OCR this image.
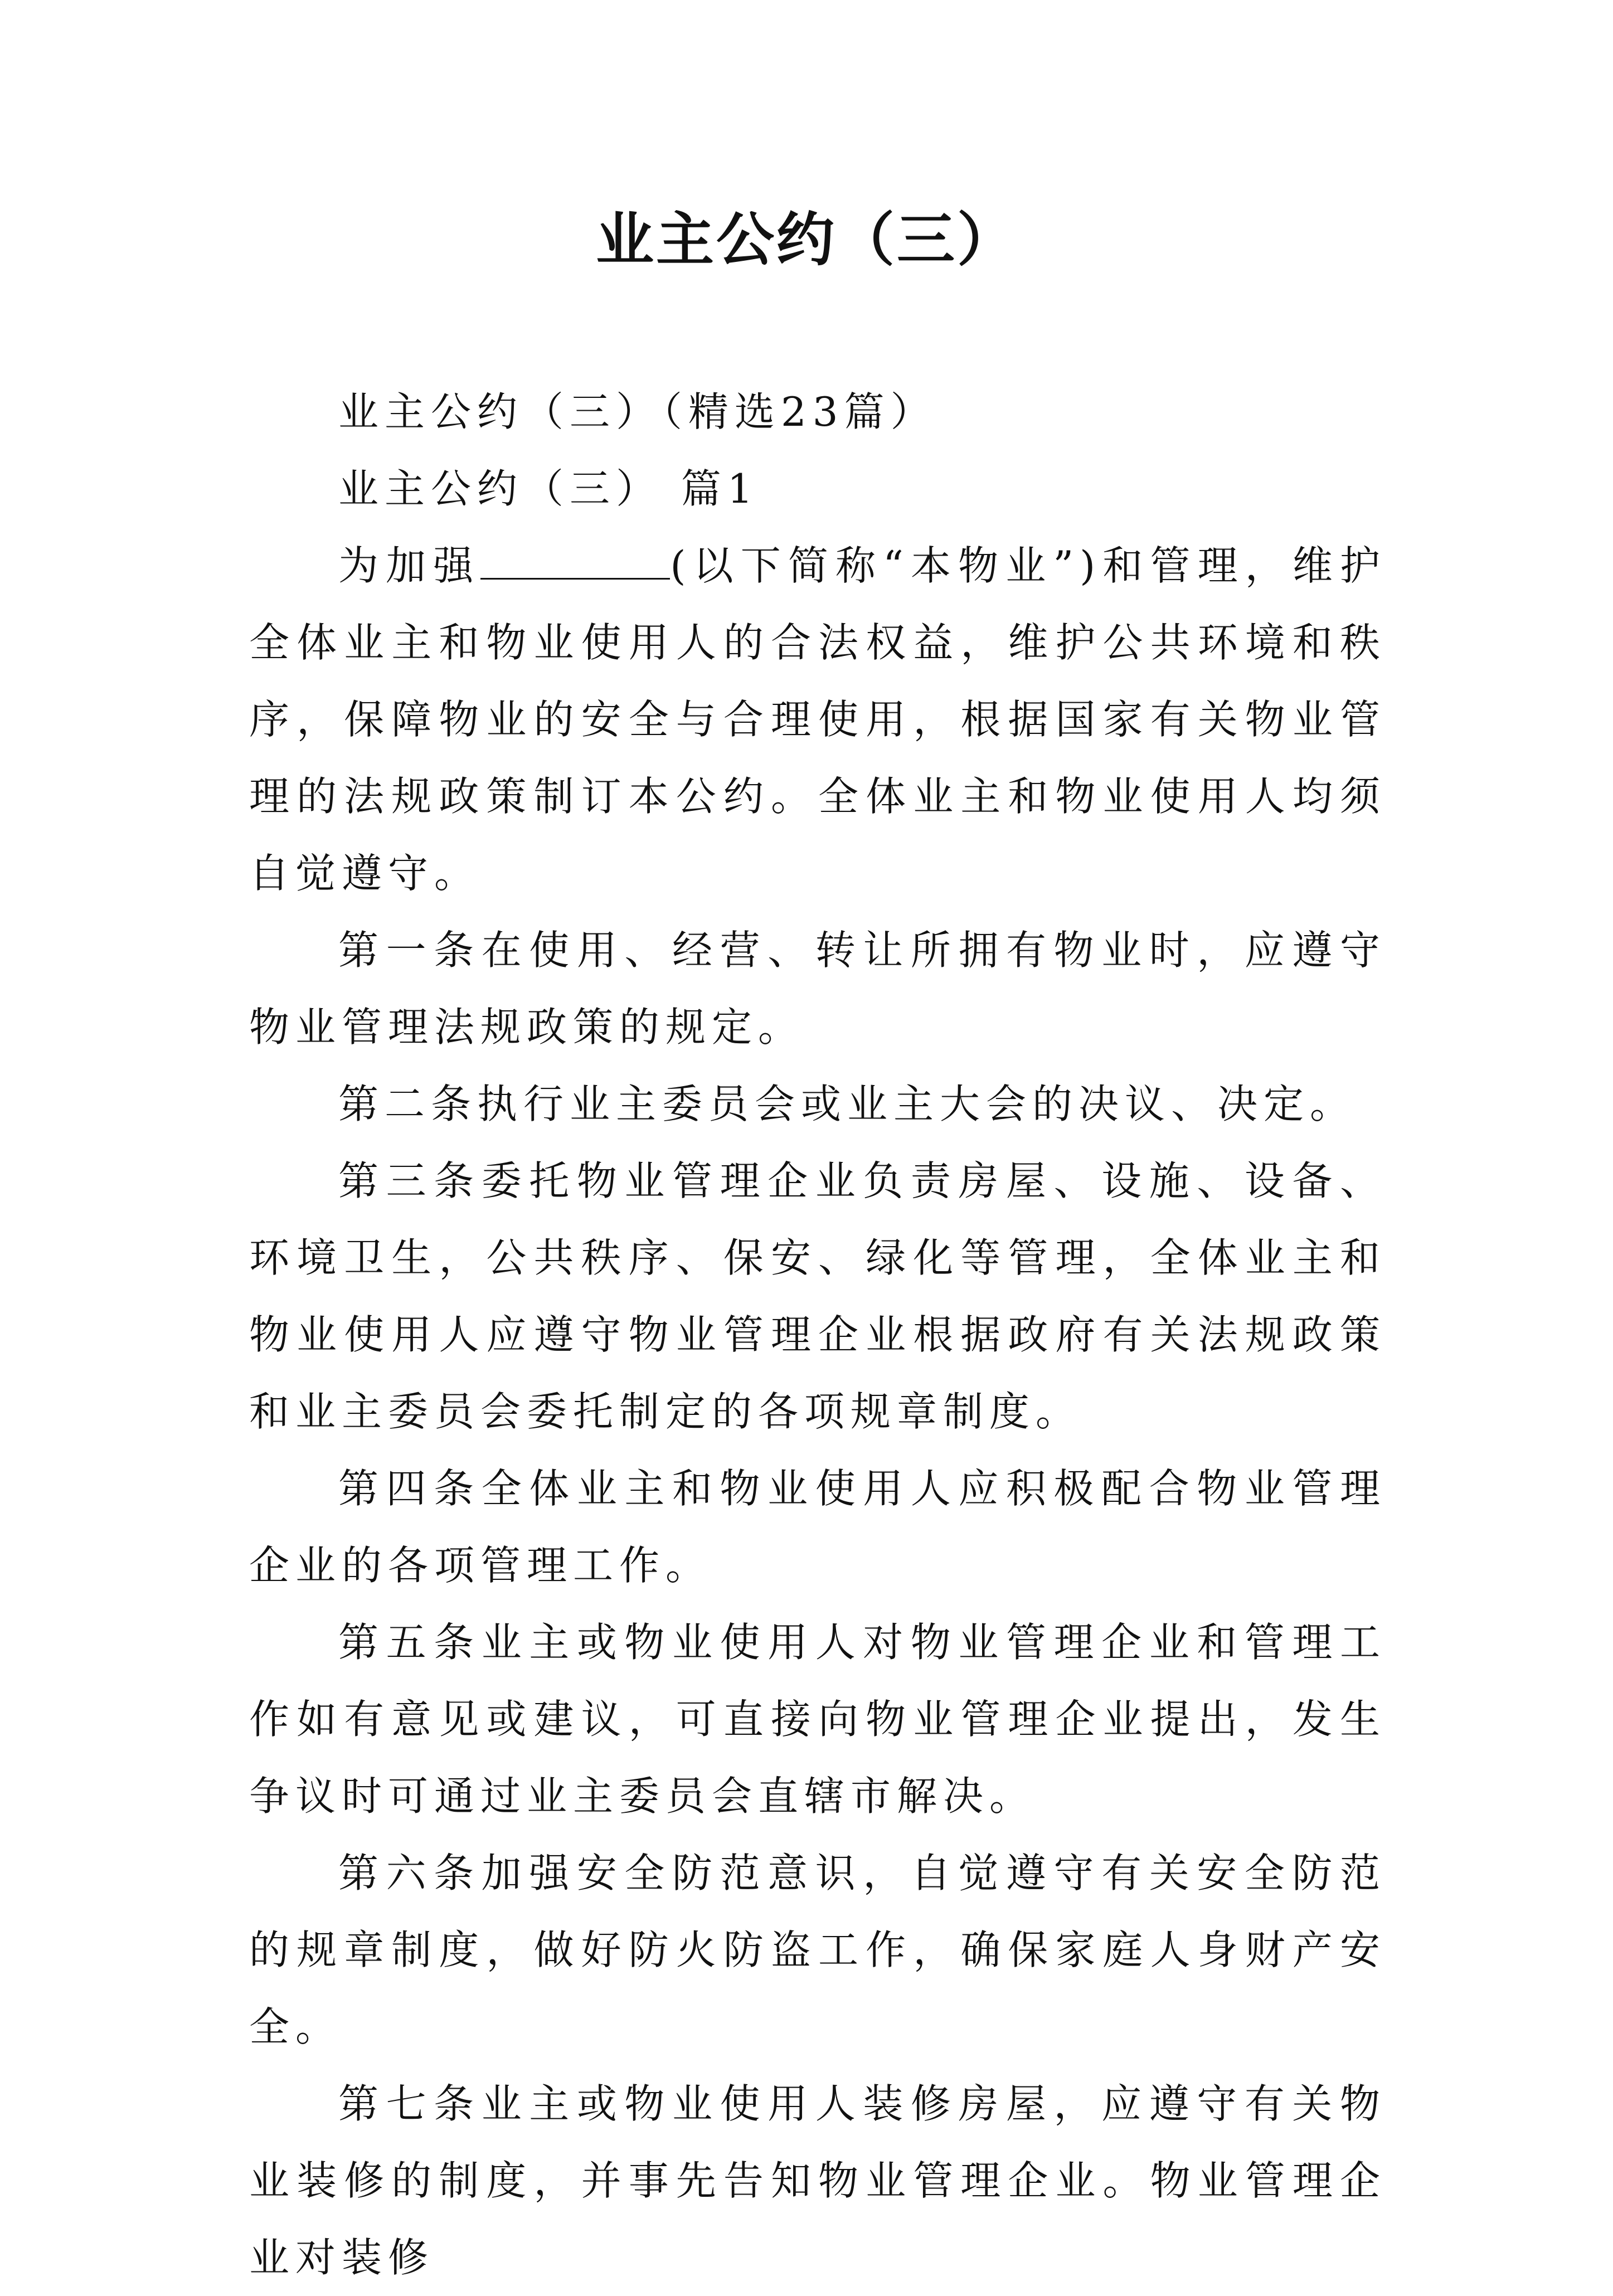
业主公约（三）

业主公约（三）（精选23篇）

业主公约（三） 篇1

为加强	(以下简称“本物业”)和管理，维护全体业主和物业使用人的合法权益，维护公共环境和秩序，保障物业的安全与合理使用，根据国家有关物业管理的法规政策制订本公约。全体业主和物业使用人均须自觉遵守。

第一条在使用、经营、转让所拥有物业时，应遵守物业管理法规政策的规定。

第二条执行业主委员会或业主大会的决议、决定。

第三条委托物业管理企业负责房屋、设施、设备、环境卫生，公共秩序、保安、绿化等管理，全体业主和物业使用人应遵守物业管理企业根据政府有关法规政策和业主委员会委托制定的各项规章制度。

第四条全体业主和物业使用人应积极配合物业管理企业的各项管理工作。

第五条业主或物业使用人对物业管理企业和管理工作如有意见或建议，可直接向物业管理企业提出，发生争议时可通过业主委员会直辖市解决。

第六条加强安全防范意识，自觉遵守有关安全防范的规章制度，做好防火防盗工作，确保家庭人身财产安全。

第七条业主或物业使用人装修房屋，应遵守有关物业装修的制度，并事先告知物业管理企业。物业管理企业对装修
